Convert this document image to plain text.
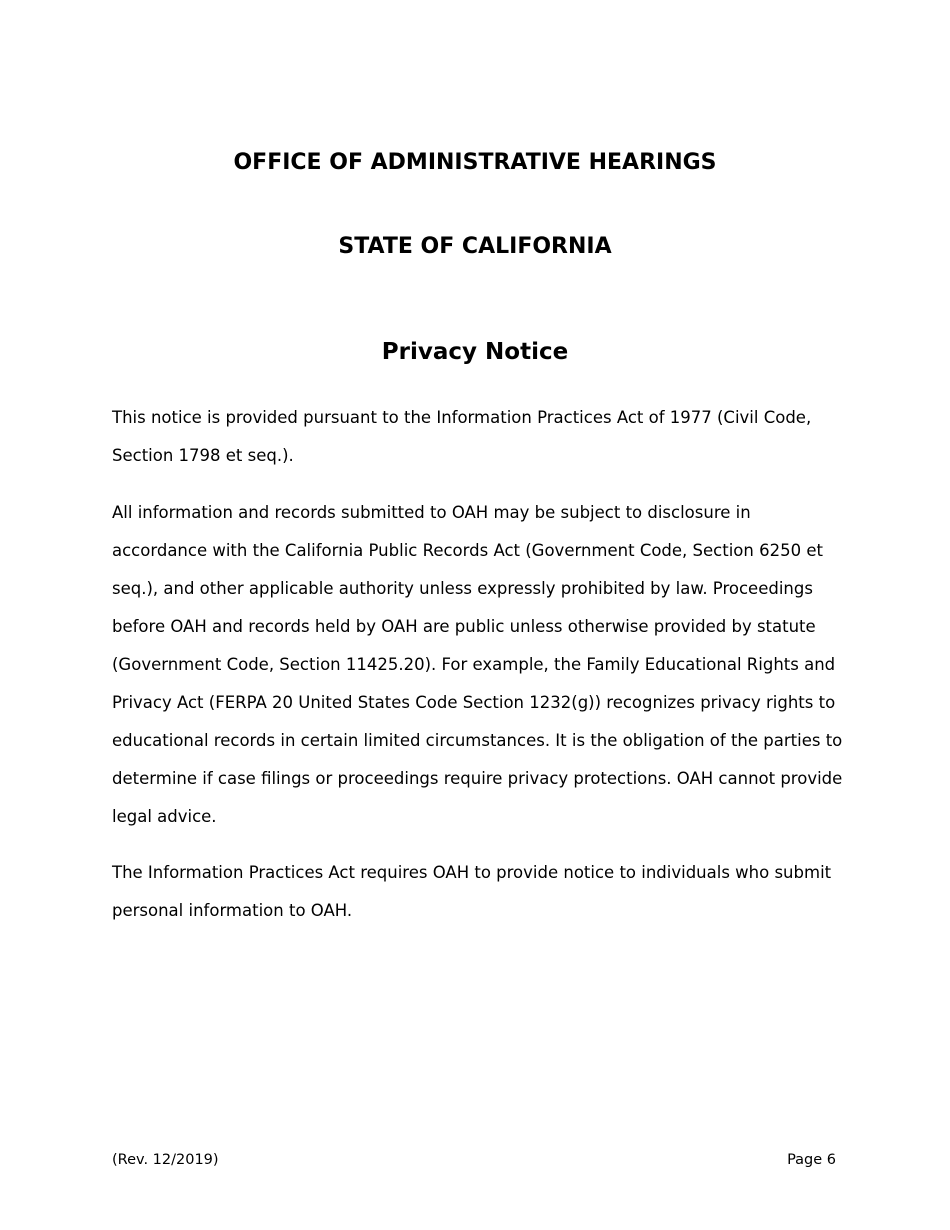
OFFICE OF ADMINISTRATIVE HEARINGS
STATE OF CALIFORNIA
Privacy Notice

This notice is provided pursuant to the Information Practices Act of 1977 (Civil Code, Section 1798 et seq.).

All information and records submitted to OAH may be subject to disclosure in accordance with the California Public Records Act (Government Code, Section 6250 et seq.), and other applicable authority unless expressly prohibited by law. Proceedings before OAH and records held by OAH are public unless otherwise provided by statute (Government Code, Section 11425.20). For example, the Family Educational Rights and Privacy Act (FERPA 20 United States Code Section 1232(g)) recognizes privacy rights to educational records in certain limited circumstances. It is the obligation of the parties to determine if case filings or proceedings require privacy protections. OAH cannot provide legal advice.

The Information Practices Act requires OAH to provide notice to individuals who submit personal information to OAH.

(Rev. 12/2019)	Page 6
